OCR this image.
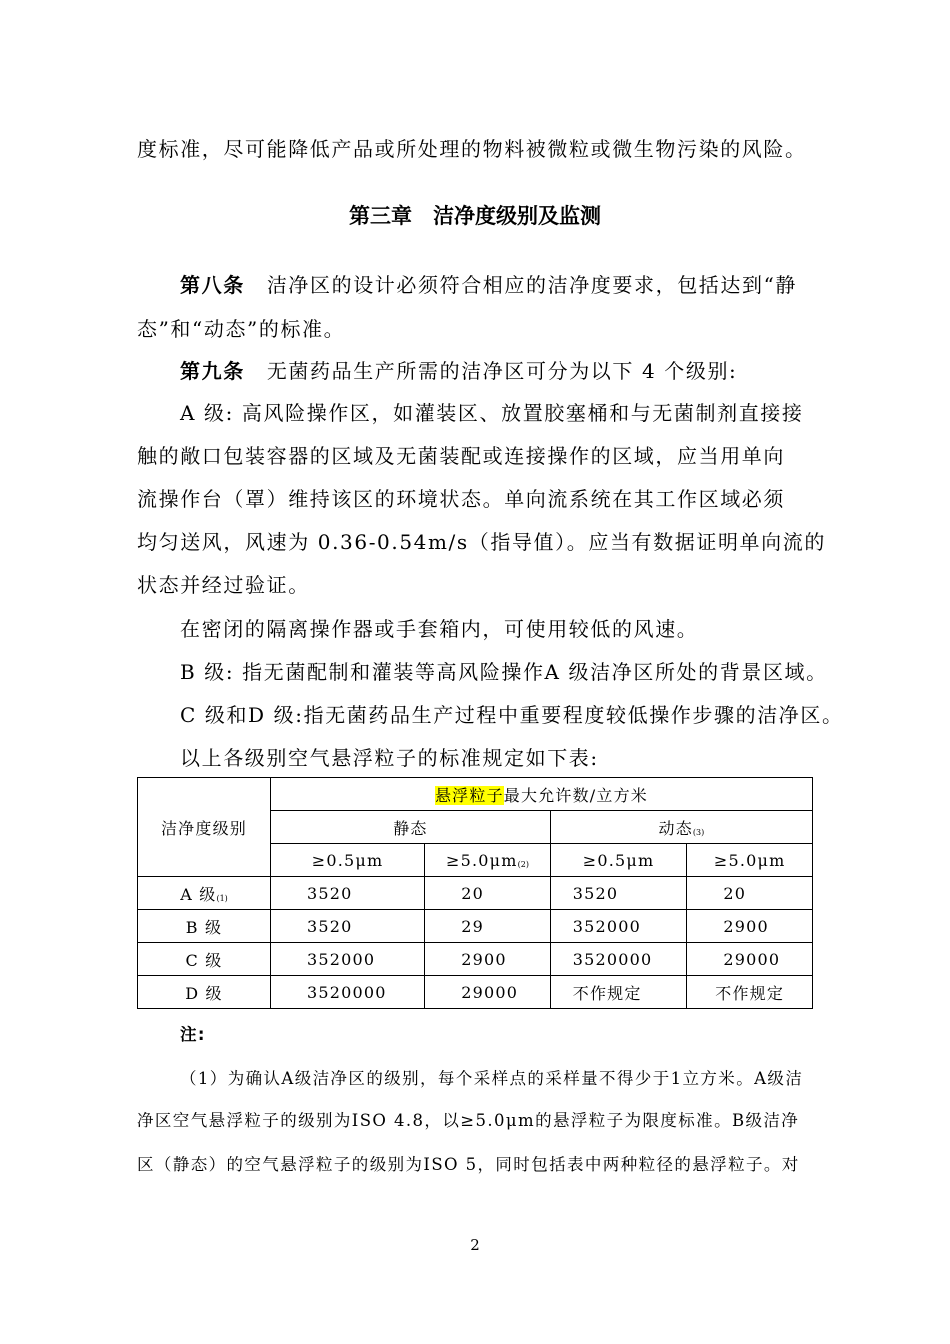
度标准，尽可能降低产品或所处理的物料被微粒或微生物污染的风险。
第三章　洁净度级别及监测
第八条 洁净区的设计必须符合相应的洁净度要求，包括达到“静
态”和“动态”的标准。
第九条 无菌药品生产所需的洁净区可分为以下 4 个级别:
A 级: 高风险操作区，如灌装区、放置胶塞桶和与无菌制剂直接接
触的敞口包装容器的区域及无菌装配或连接操作的区域，应当用单向
流操作台（罩）维持该区的环境状态。单向流系统在其工作区域必须
均匀送风，风速为 0.36-0.54m/s（指导值）。应当有数据证明单向流的
状态并经过验证。
在密闭的隔离操作器或手套箱内，可使用较低的风速。
B 级: 指无菌配制和灌装等高风险操作A 级洁净区所处的背景区域。
C 级和D 级:指无菌药品生产过程中重要程度较低操作步骤的洁净区。
以上各级别空气悬浮粒子的标准规定如下表:
洁净度级别	悬浮粒子最大允许数/立方米			
	静态		动态$_{(3)}$
	≥0.5μm	$\ge 5.0\mu m_{(2)}$	≥0.5μm	≥5.0μm
A 级$_{(1)}$	3520	20	3520	20
B 级	3520	29	352000	2900
C 级	352000	2900	3520000	29000
D 级	3520000	29000	不作规定	不作规定
注:
（1）为确认A级洁净区的级别，每个采样点的采样量不得少于1立方米。A级洁
净区空气悬浮粒子的级别为ISO 4.8，以≥5.0μm的悬浮粒子为限度标准。B级洁净
区（静态）的空气悬浮粒子的级别为ISO 5，同时包括表中两种粒径的悬浮粒子。对
2
